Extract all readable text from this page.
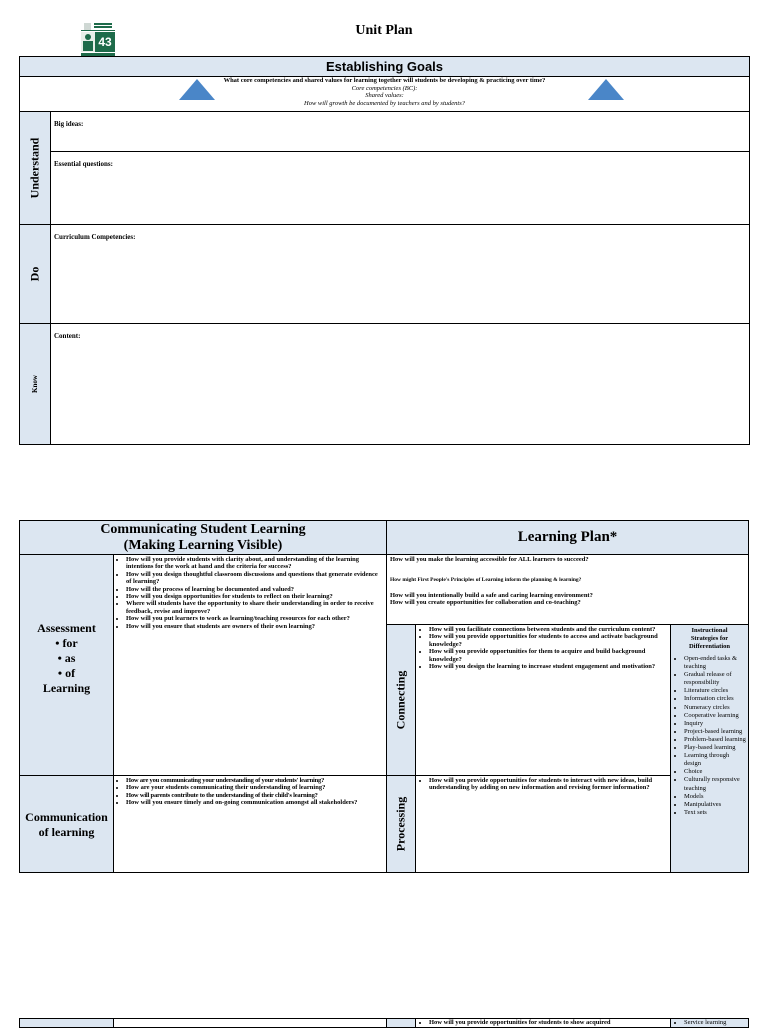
43
Unit Plan
Establishing Goals
What core competencies and shared values for learning together will students be developing & practicing over time?
Core competencies (BC):
Shared values:
How will growth be documented by teachers and by students?
Understand
Big ideas:
Essential questions:
Do
Curriculum Competencies:
Know
Content:
Communicating Student Learning
(Making Learning Visible)
Learning Plan*
Assessment
• for
• as
• of
Learning
• How will you provide students with clarity about, and understanding of the learning intentions for the work at hand and the criteria for success?
• How will you design thoughtful classroom discussions and questions that generate evidence of learning?
• How will the process of learning be documented and valued?
• How will you design opportunities for students to reflect on their learning?
• Where will students have the opportunity to share their understanding in order to receive feedback, revise and improve?
• How will you put learners to work as learning/teaching resources for each other?
• How will you ensure that students are owners of their own learning?
Communication
of learning
• How are you communicating your understanding of your students' learning?
• How are your students communicating their understanding of learning?
• How will parents contribute to the understanding of their child's learning?
• How will you ensure timely and on-going communication amongst all stakeholders?
How will you make the learning accessible for ALL learners to succeed?
How might First People's Principles of Learning inform the planning & learning?
How will you intentionally build a safe and caring learning environment?
How will you create opportunities for collaboration and co-teaching?
Connecting
• How will you facilitate connections between students and the curriculum content?
• How will you provide opportunities for students to access and activate background knowledge?
• How will you provide opportunities for them to acquire and build background knowledge?
• How will you design the learning to increase student engagement and motivation?
Processing
• How will you provide opportunities for students to interact with new ideas, build understanding by adding on new information and revising former information?
Instructional
Strategies for
Differentiation
• Open-ended tasks & teaching
• Gradual release of responsibility
• Literature circles
• Information circles
• Numeracy circles
• Cooperative learning
• Inquiry
• Project-based learning
• Problem-based learning
• Play-based learning
• Learning through design
• Choice
• Culturally responsive teaching
• Models
• Manipulatives
• Text sets
• How will you provide opportunities for students to show acquired
•	Service learning
